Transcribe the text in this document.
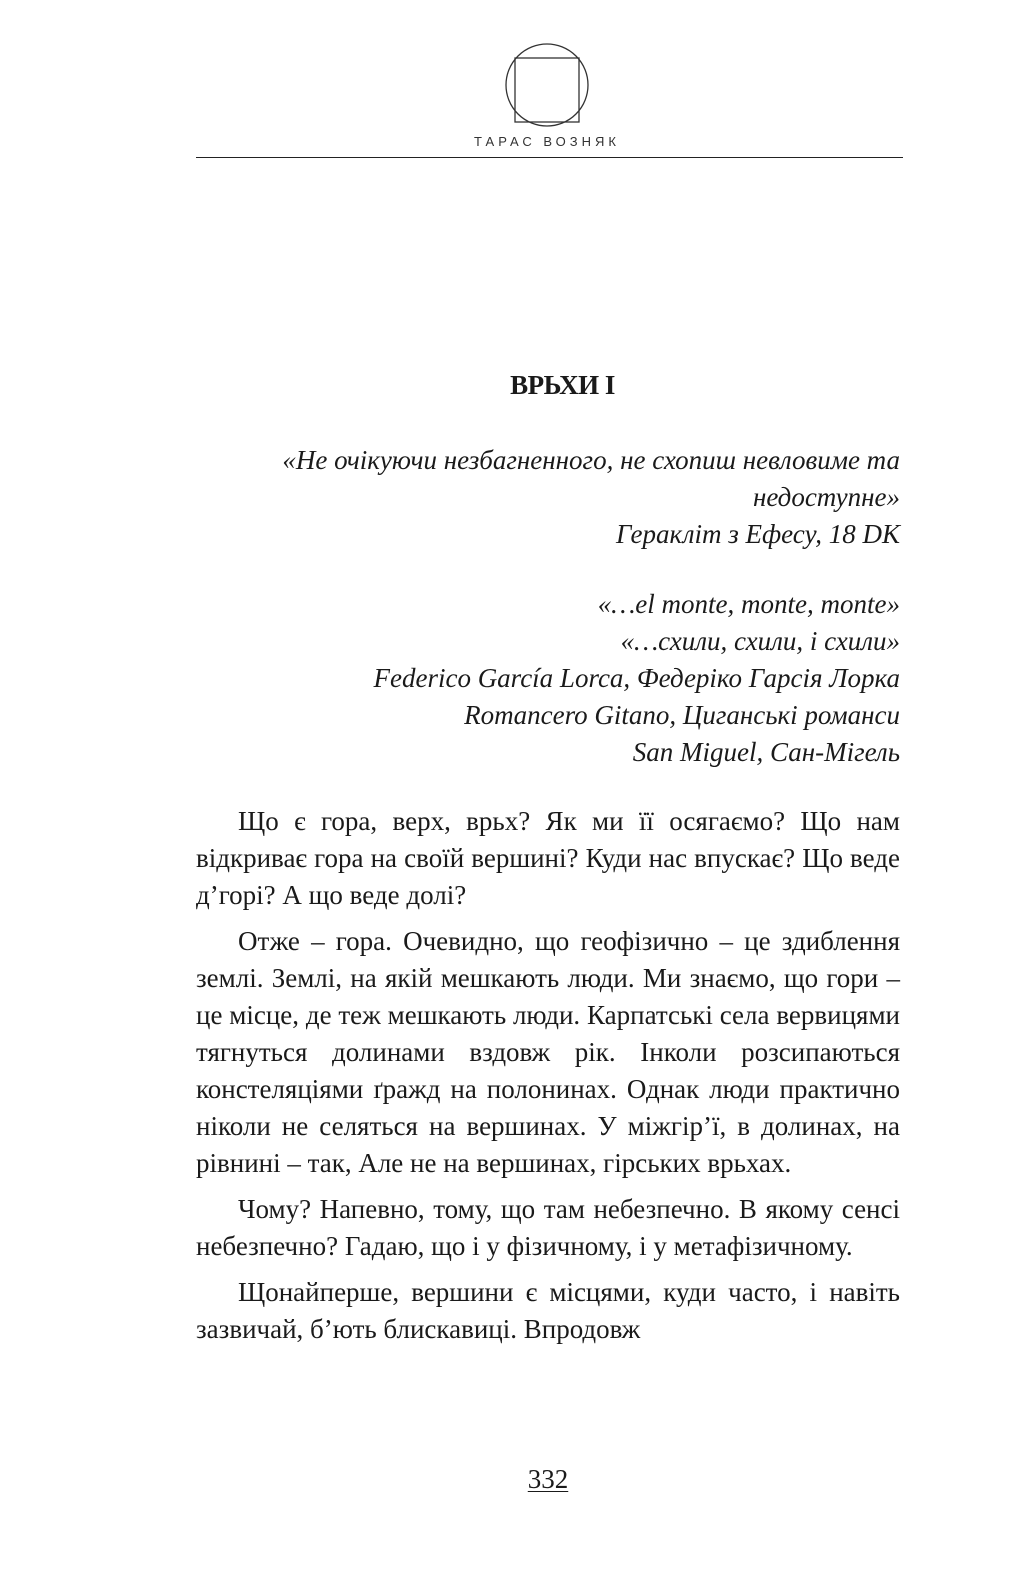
ТАРАС ВОЗНЯК
ВРЬХИ І
«Не очікуючи незбагненного, не схопиш невловиме та
недоступне»
Геракліт з Ефесу, 18 DK
«…el monte, monte, monte»
«…схили, схили, і схили»
Federico García Lorca, Федеріко Гарсія Лорка
Romancero Gitano, Циганські романси
San Miguel, Сан-Мігель

Що є гора, верх, врьх? Як ми її осягаємо? Що нам відкриває гора на своїй вершині? Куди нас впускає? Що веде д’горі? А що веде долі?

Отже – гора. Очевидно, що геофізично – це здиблення землі. Землі, на якій мешкають люди. Ми знаємо, що гори – це місце, де теж мешкають люди. Карпатські села вервицями тягнуться долинами вздовж рік. Інколи розсипаються констеляціями ґражд на полонинах. Однак люди практично ніколи не селяться на вершинах. У міжгір’ї, в долинах, на рівнині – так, Але не на вершинах, гірських врьхах.

Чому? Напевно, тому, що там небезпечно. В якому сенсі небезпечно? Гадаю, що і у фізичному, і у метафізичному.

Щонайперше, вершини є місцями, куди часто, і навіть зазвичай, б’ють блискавиці. Впродовж

332
